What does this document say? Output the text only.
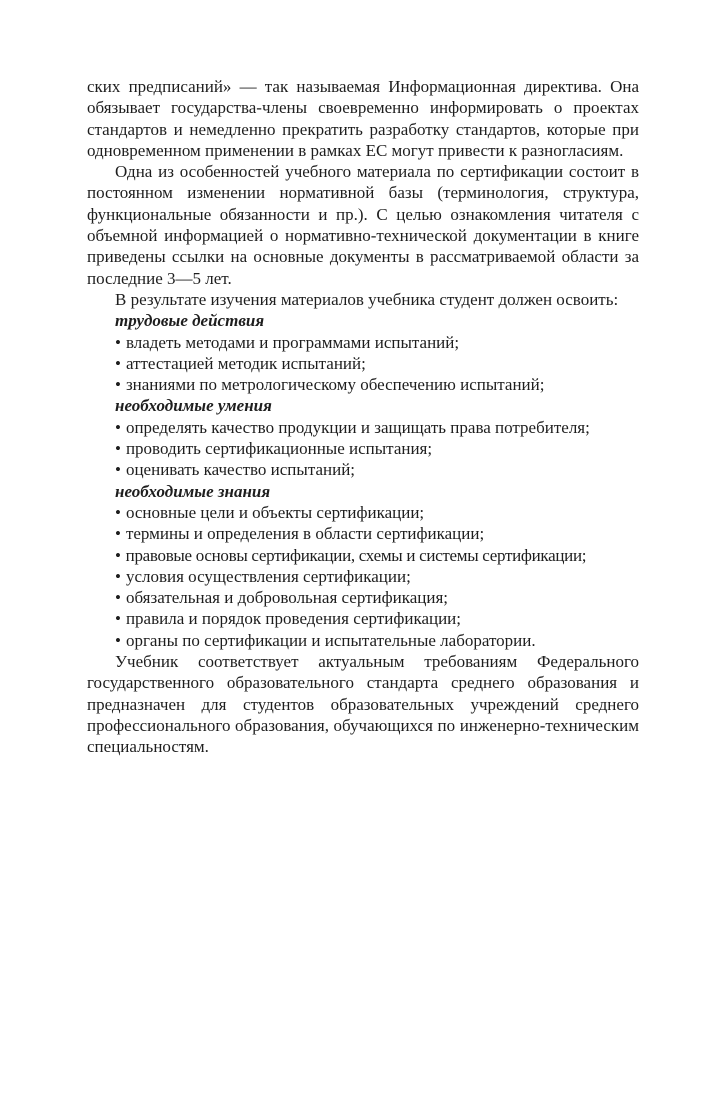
ских предписаний» — так называемая Информационная директива. Она обязывает государства-члены своевременно информировать о проектах стандартов и немедленно прекратить разработку стандартов, которые при одновременном применении в рамках ЕС могут привести к разногласиям.

Одна из особенностей учебного материала по сертификации состоит в постоянном изменении нормативной базы (терминология, структура, функциональные обязанности и пр.). С целью ознакомления читателя с объемной информацией о нормативно-технической документации в книге приведены ссылки на основные документы в рассматриваемой области за последние 3—5 лет.

В результате изучения материалов учебника студент должен освоить:

трудовые действия

• владеть методами и программами испытаний;
• аттестацией методик испытаний;
• знаниями по метрологическому обеспечению испытаний;

необходимые умения

• определять качество продукции и защищать права потребителя;
• проводить сертификационные испытания;
• оценивать качество испытаний;

необходимые знания

• основные цели и объекты сертификации;
• термины и определения в области сертификации;
• правовые основы сертификации, схемы и системы сертификации;
• условия осуществления сертификации;
• обязательная и добровольная сертификация;
• правила и порядок проведения сертификации;
• органы по сертификации и испытательные лаборатории.

Учебник соответствует актуальным требованиям Федерального государственного образовательного стандарта среднего образования и предназначен для студентов образовательных учреждений среднего профессионального образования, обучающихся по инженерно-техническим специальностям.
